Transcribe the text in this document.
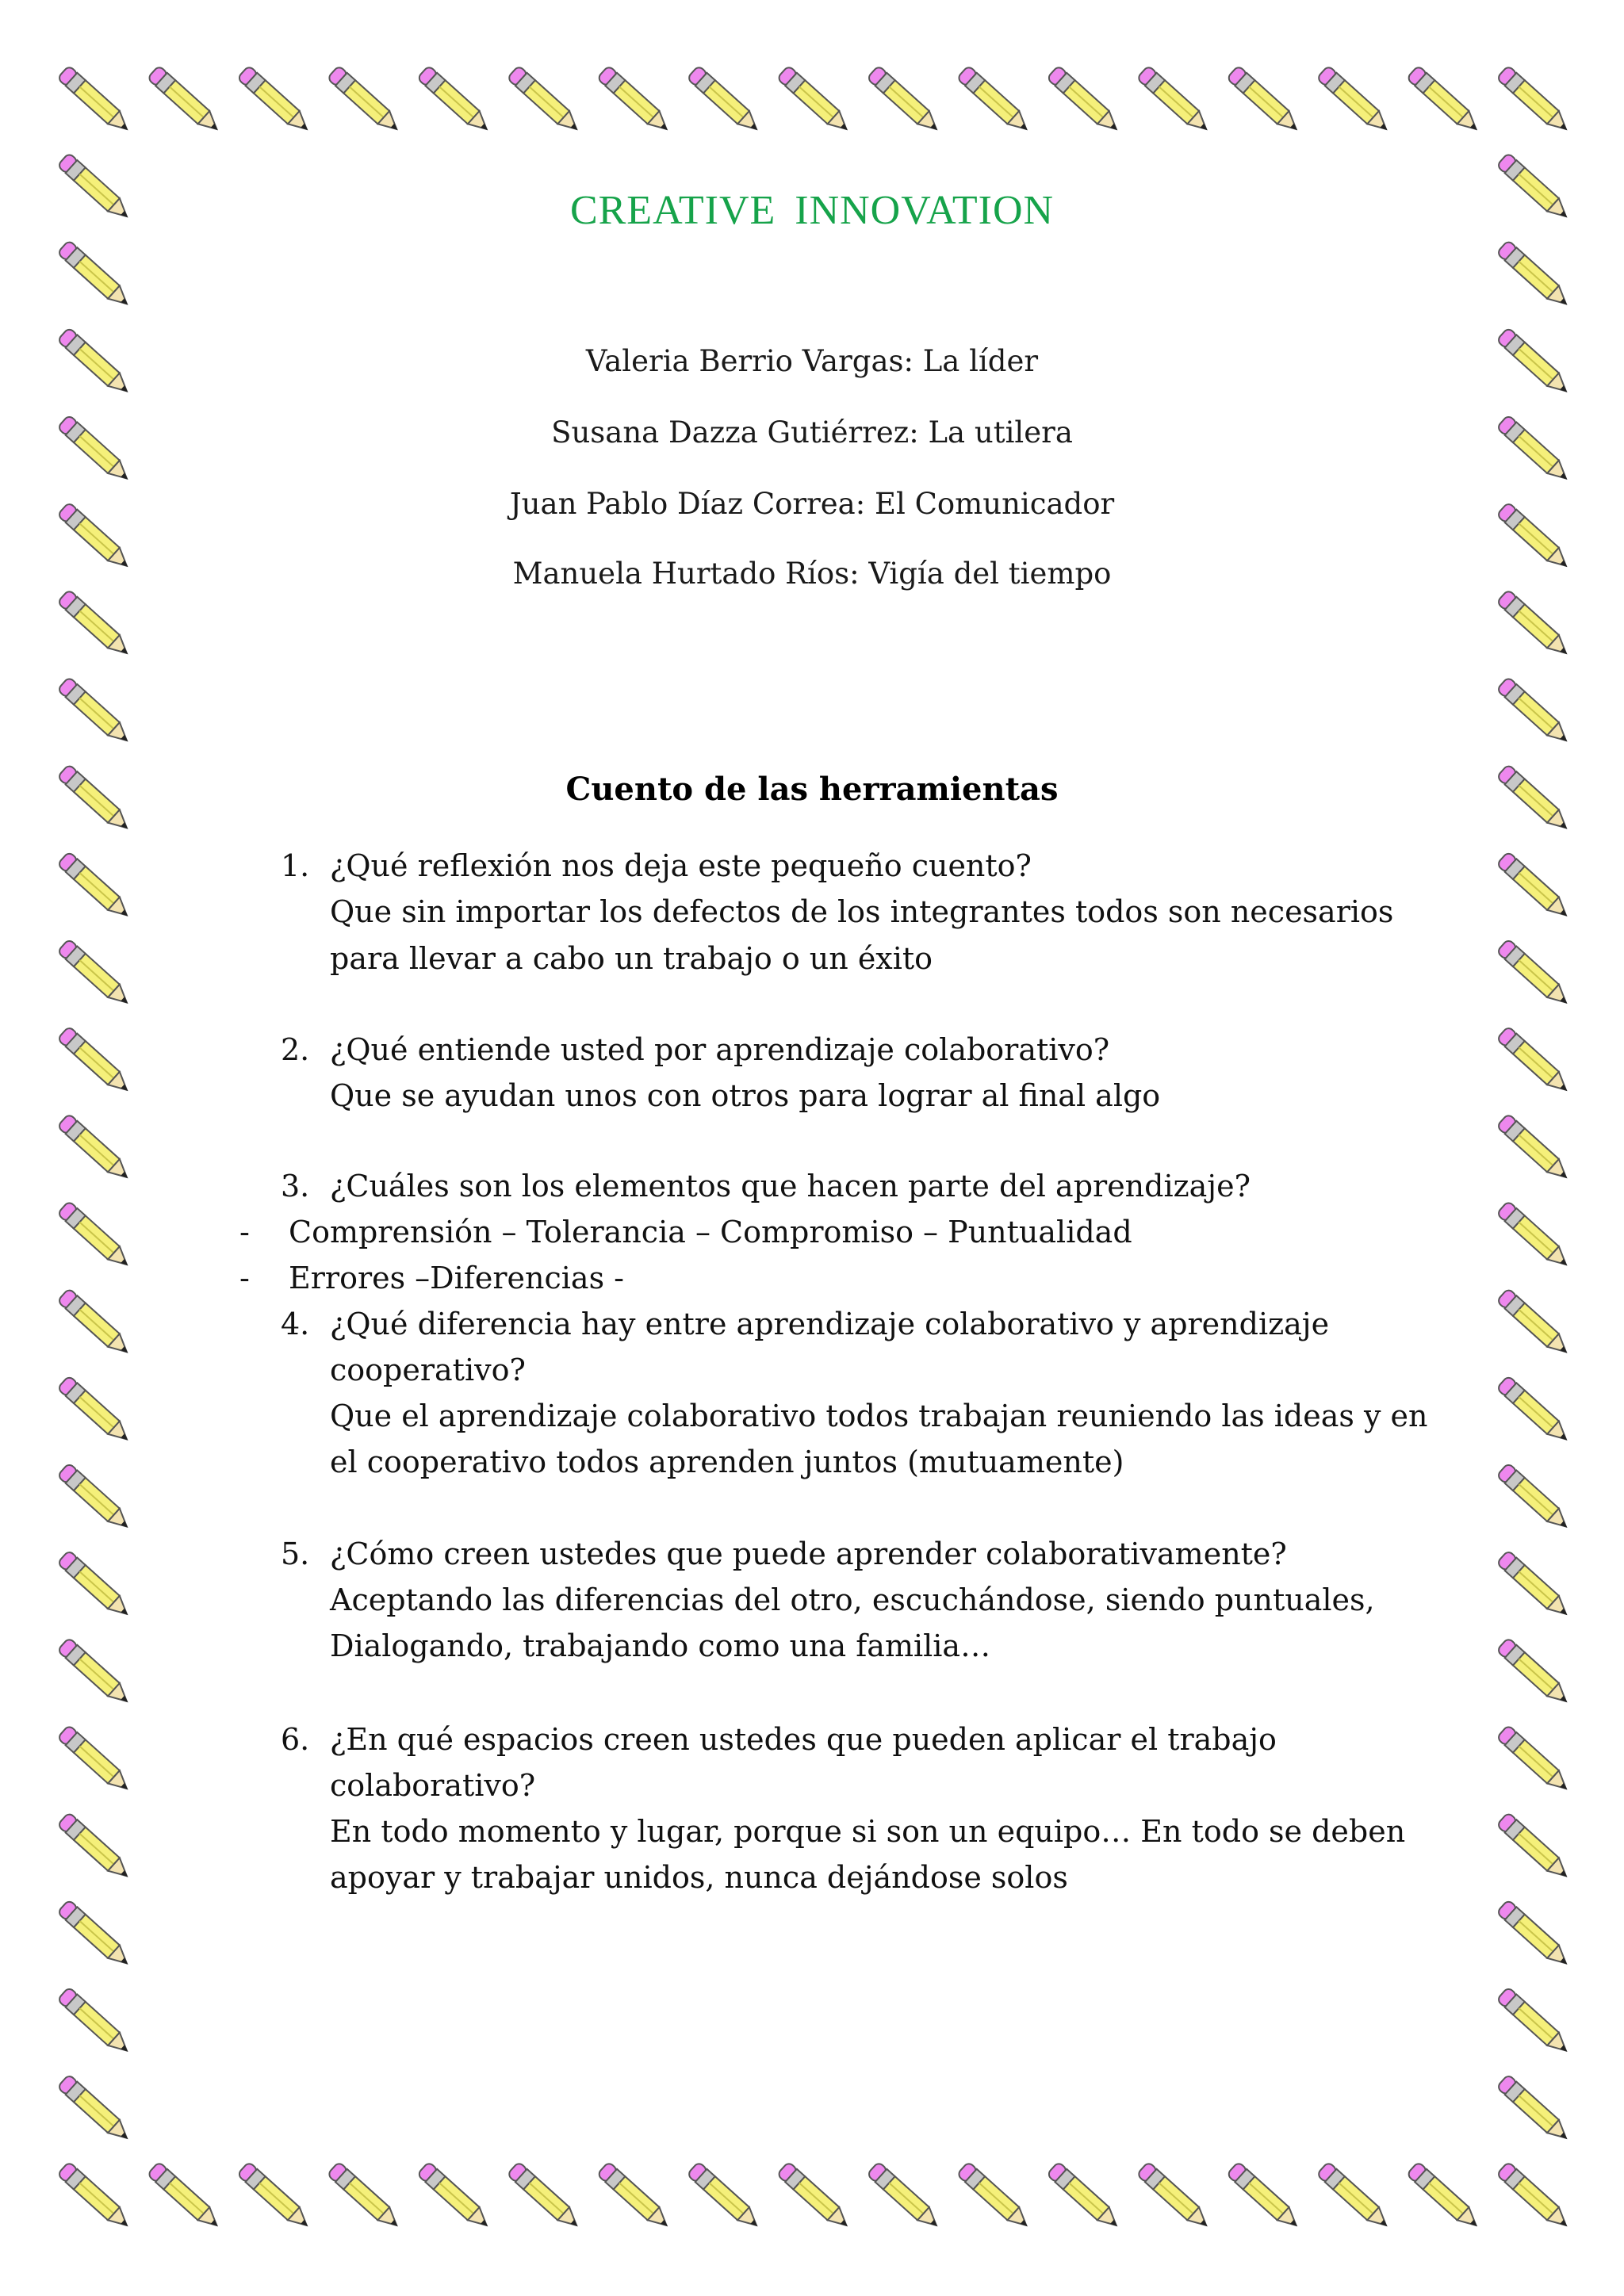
CREATIVE INNOVATION
Valeria Berrio Vargas: La líder
Susana Dazza Gutiérrez: La utilera
Juan Pablo Díaz Correa: El Comunicador
Manuela Hurtado Ríos: Vigía del tiempo
Cuento de las herramientas
1. ¿Qué reflexión nos deja este pequeño cuento?
Que sin importar los defectos de los integrantes todos son necesarios
para llevar a cabo un trabajo o un éxito
2. ¿Qué entiende usted por aprendizaje colaborativo?
Que se ayudan unos con otros para lograr al final algo
3. ¿Cuáles son los elementos que hacen parte del aprendizaje?
- Comprensión – Tolerancia – Compromiso – Puntualidad
- Errores –Diferencias -
4. ¿Qué diferencia hay entre aprendizaje colaborativo y aprendizaje
cooperativo?
Que el aprendizaje colaborativo todos trabajan reuniendo las ideas y en
el cooperativo todos aprenden juntos (mutuamente)
5. ¿Cómo creen ustedes que puede aprender colaborativamente?
Aceptando las diferencias del otro, escuchándose, siendo puntuales,
Dialogando, trabajando como una familia…
6. ¿En qué espacios creen ustedes que pueden aplicar el trabajo
colaborativo?
En todo momento y lugar, porque si son un equipo… En todo se deben
apoyar y trabajar unidos, nunca dejándose solos
